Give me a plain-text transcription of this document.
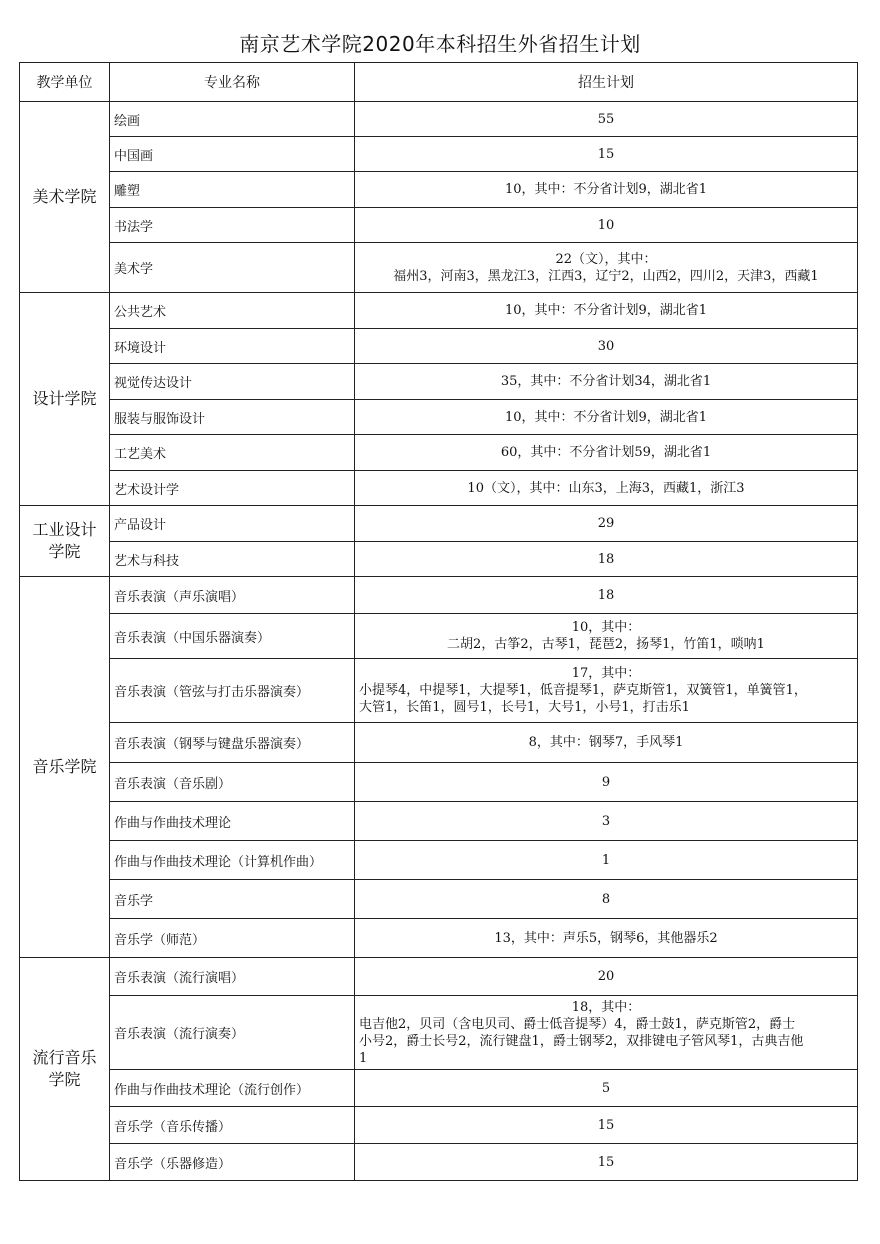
南京艺术学院2020年本科招生外省招生计划
教学单位	专业名称	招生计划
美术学院	绘画	55
	中国画	15
	雕塑	10，其中：不分省计划9，湖北省1
	书法学	10
	美术学	22（文），其中：
福州3，河南3，黑龙江3，江西3，辽宁2，山西2，四川2，天津3，西藏1

设计学院	公共艺术	10，其中：不分省计划9，湖北省1
	环境设计	30
	视觉传达设计	35，其中：不分省计划34，湖北省1
	服装与服饰设计	10，其中：不分省计划9，湖北省1
	工艺美术	60，其中：不分省计划59，湖北省1
	艺术设计学	10（文），其中：山东3，上海3，西藏1，浙江3

工业设计
学院	产品设计	29
	艺术与科技	18
音乐学院	音乐表演（声乐演唱）	18
	音乐表演（中国乐器演奏）	10，其中：
二胡2，古筝2，古琴1，琵琶2，扬琴1，竹笛1，唢呐1

	音乐表演（管弦与打击乐器演奏）	17，其中：
小提琴4，中提琴1，大提琴1，低音提琴1，萨克斯管1，双簧管1，单簧管1，
大管1，长笛1，圆号1，长号1，大号1，小号1，打击乐1

	音乐表演（钢琴与键盘乐器演奏）	8，其中：钢琴7，手风琴1
	音乐表演（音乐剧）	9
	作曲与作曲技术理论	3
	作曲与作曲技术理论（计算机作曲）	1
	音乐学	8
	音乐学（师范）	13，其中：声乐5，钢琴6，其他器乐2

流行音乐
学院	音乐表演（流行演唱）	20
	音乐表演（流行演奏）	18，其中：
电吉他2，贝司（含电贝司、爵士低音提琴）4，爵士鼓1，萨克斯管2，爵士
小号2，爵士长号2，流行键盘1，爵士钢琴2，双排键电子管风琴1，古典吉他
1

	作曲与作曲技术理论（流行创作）	5
	音乐学（音乐传播）	15
	音乐学（乐器修造）	15
